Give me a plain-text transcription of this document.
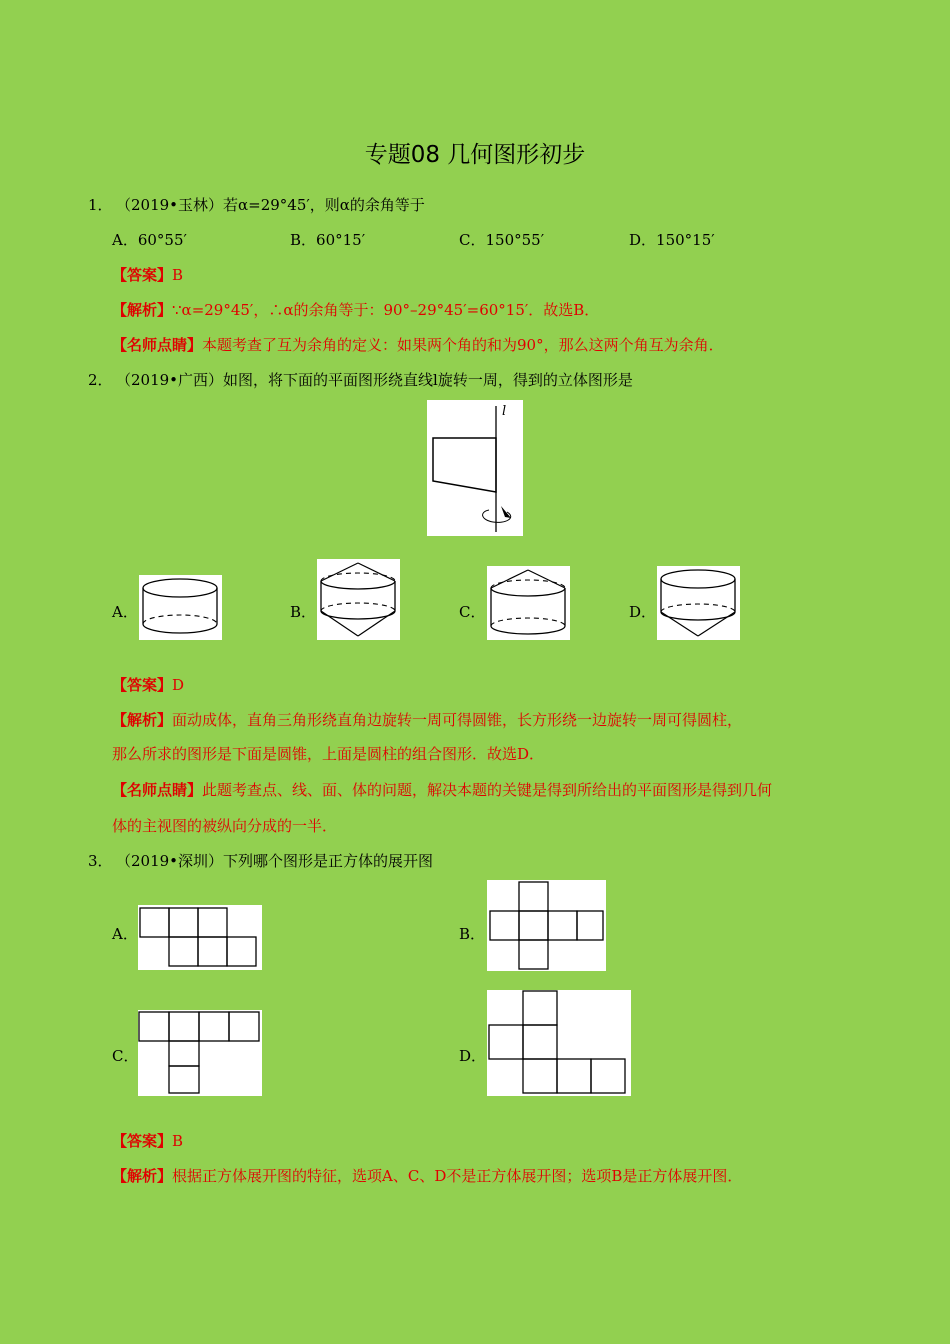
专题08 几何图形初步
1． （2019•玉林）若α=29°45′，则α的余角等于
A．60°55′	B．60°15′	C．150°55′	D．150°15′
【答案】B
【解析】∵α=29°45′，∴α的余角等于：90°–29°45′=60°15′．故选B．
【名师点睛】本题考查了互为余角的定义：如果两个角的和为90°，那么这两个角互为余角．
2． （2019•广西）如图，将下面的平面图形绕直线l旋转一周，得到的立体图形是
l
A．	B．	C．	D．
【答案】D
【解析】面动成体，直角三角形绕直角边旋转一周可得圆锥，长方形绕一边旋转一周可得圆柱，
那么所求的图形是下面是圆锥，上面是圆柱的组合图形．故选D．
【名师点睛】此题考查点、线、面、体的问题，解决本题的关键是得到所给出的平面图形是得到几何
体的主视图的被纵向分成的一半．
3． （2019•深圳）下列哪个图形是正方体的展开图
A．	B．
C．	D．
【答案】B
【解析】根据正方体展开图的特征，选项A、C、D不是正方体展开图；选项B是正方体展开图．
